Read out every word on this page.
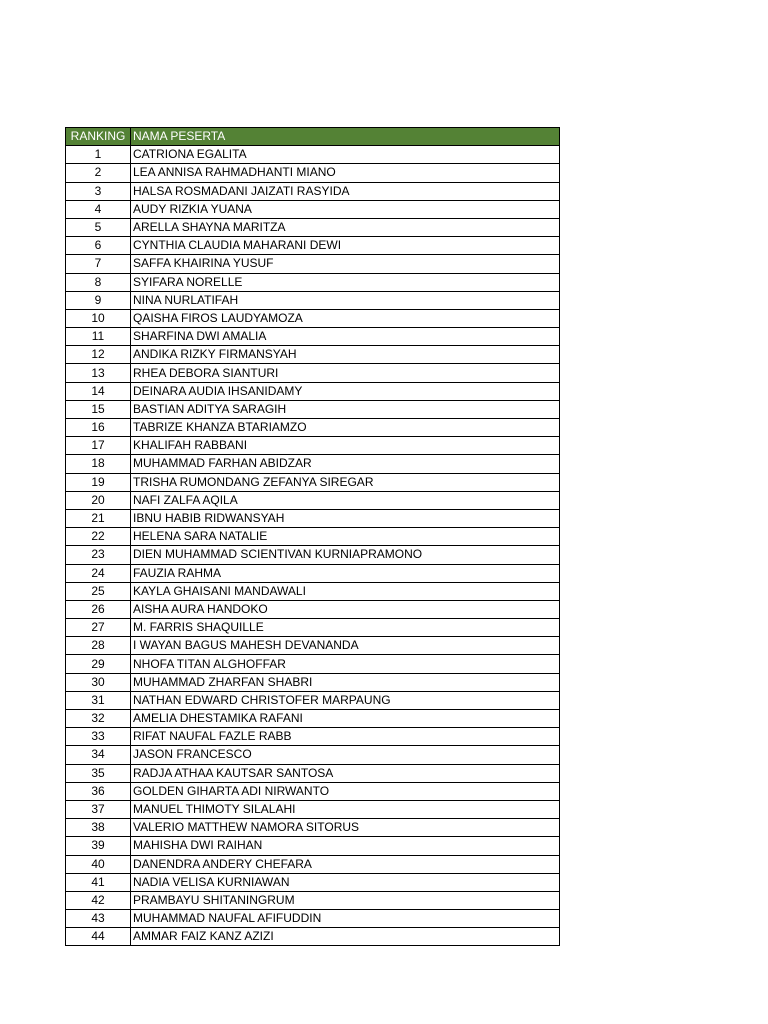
RANKING	NAMA PESERTA
1	CATRIONA EGALITA
2	LEA ANNISA RAHMADHANTI MIANO
3	HALSA ROSMADANI JAIZATI RASYIDA
4	AUDY RIZKIA YUANA
5	ARELLA SHAYNA MARITZA
6	CYNTHIA CLAUDIA MAHARANI DEWI
7	SAFFA KHAIRINA YUSUF
8	SYIFARA NORELLE
9	NINA NURLATIFAH
10	QAISHA FIROS LAUDYAMOZA
11	SHARFINA DWI AMALIA
12	ANDIKA RIZKY FIRMANSYAH
13	RHEA DEBORA SIANTURI
14	DEINARA AUDIA IHSANIDAMY
15	BASTIAN ADITYA SARAGIH
16	TABRIZE KHANZA BTARIAMZO
17	KHALIFAH RABBANI
18	MUHAMMAD FARHAN ABIDZAR
19	TRISHA RUMONDANG ZEFANYA SIREGAR
20	NAFI ZALFA AQILA
21	IBNU HABIB RIDWANSYAH
22	HELENA SARA NATALIE
23	DIEN MUHAMMAD SCIENTIVAN KURNIAPRAMONO
24	FAUZIA RAHMA
25	KAYLA GHAISANI MANDAWALI
26	AISHA AURA HANDOKO
27	M. FARRIS SHAQUILLE
28	I WAYAN BAGUS MAHESH DEVANANDA
29	NHOFA TITAN ALGHOFFAR
30	MUHAMMAD ZHARFAN SHABRI
31	NATHAN EDWARD CHRISTOFER MARPAUNG
32	AMELIA DHESTAMIKA RAFANI
33	RIFAT NAUFAL FAZLE RABB
34	JASON FRANCESCO
35	RADJA ATHAA KAUTSAR SANTOSA
36	GOLDEN GIHARTA ADI NIRWANTO
37	MANUEL THIMOTY SILALAHI
38	VALERIO MATTHEW NAMORA SITORUS
39	MAHISHA DWI RAIHAN
40	DANENDRA ANDERY CHEFARA
41	NADIA VELISA KURNIAWAN
42	PRAMBAYU SHITANINGRUM
43	MUHAMMAD NAUFAL AFIFUDDIN
44	AMMAR FAIZ KANZ AZIZI
